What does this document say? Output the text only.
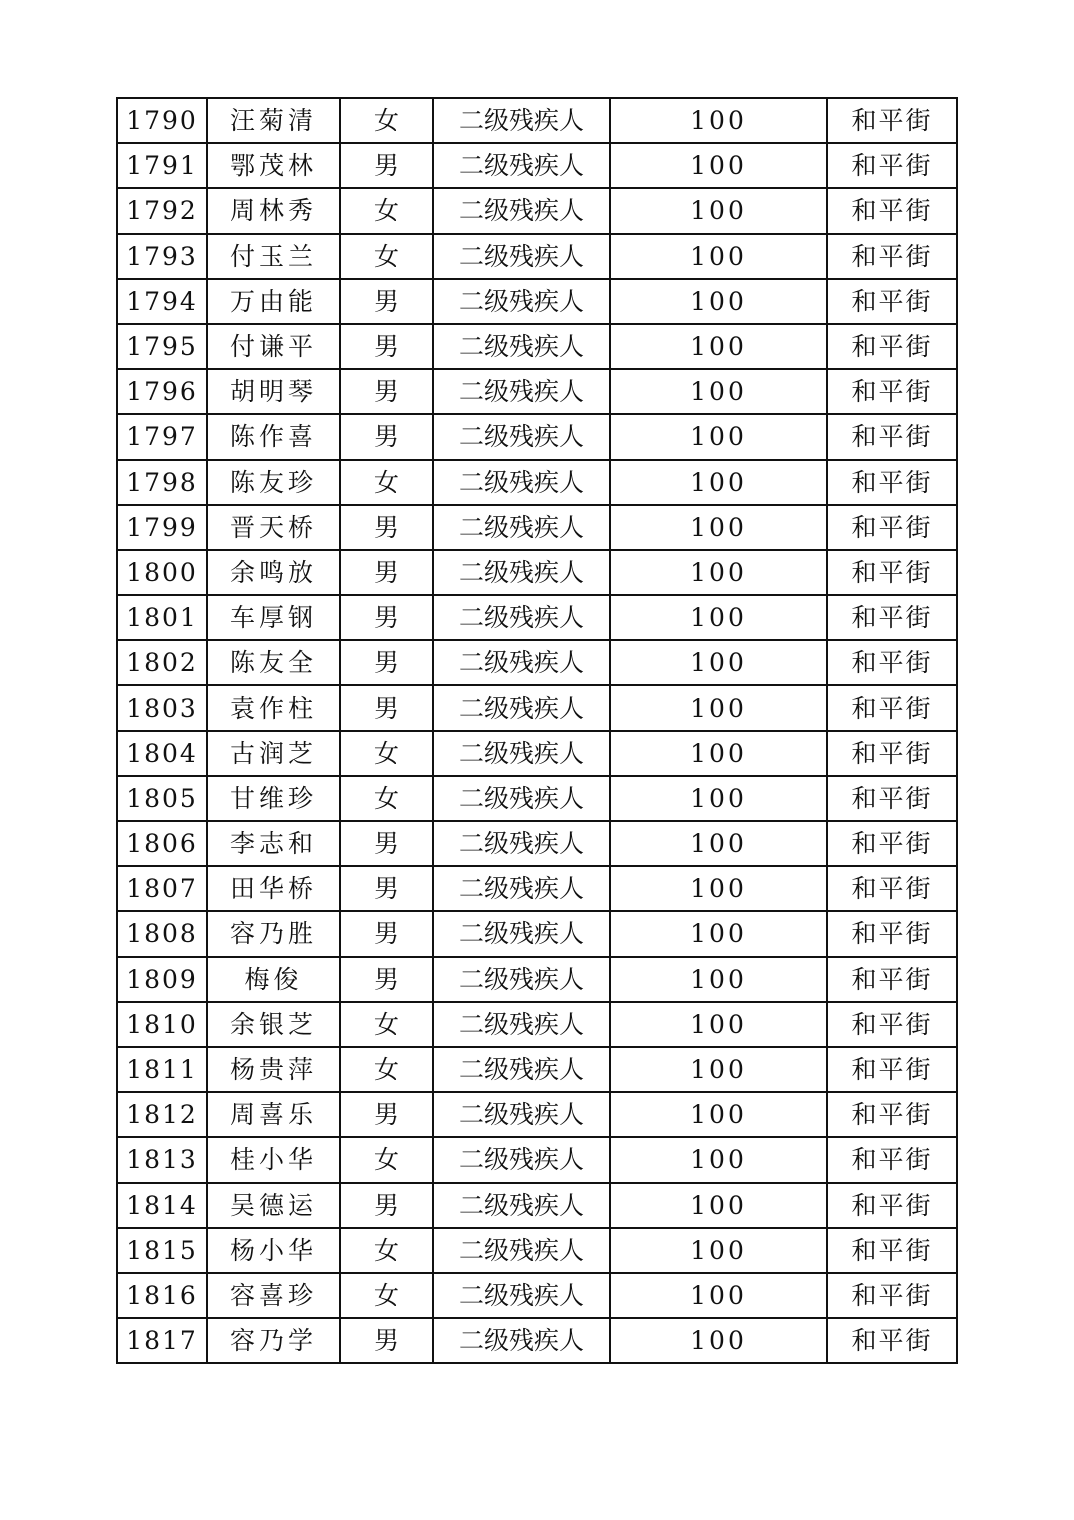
1790	汪菊清	女	二级残疾人	100	和平街
1791	鄂茂林	男	二级残疾人	100	和平街
1792	周林秀	女	二级残疾人	100	和平街
1793	付玉兰	女	二级残疾人	100	和平街
1794	万由能	男	二级残疾人	100	和平街
1795	付谦平	男	二级残疾人	100	和平街
1796	胡明琴	男	二级残疾人	100	和平街
1797	陈作喜	男	二级残疾人	100	和平街
1798	陈友珍	女	二级残疾人	100	和平街
1799	晋天桥	男	二级残疾人	100	和平街
1800	余鸣放	男	二级残疾人	100	和平街
1801	车厚钢	男	二级残疾人	100	和平街
1802	陈友全	男	二级残疾人	100	和平街
1803	袁作柱	男	二级残疾人	100	和平街
1804	古润芝	女	二级残疾人	100	和平街
1805	甘维珍	女	二级残疾人	100	和平街
1806	李志和	男	二级残疾人	100	和平街
1807	田华桥	男	二级残疾人	100	和平街
1808	容乃胜	男	二级残疾人	100	和平街
1809	梅俊	男	二级残疾人	100	和平街
1810	余银芝	女	二级残疾人	100	和平街
1811	杨贵萍	女	二级残疾人	100	和平街
1812	周喜乐	男	二级残疾人	100	和平街
1813	桂小华	女	二级残疾人	100	和平街
1814	吴德运	男	二级残疾人	100	和平街
1815	杨小华	女	二级残疾人	100	和平街
1816	容喜珍	女	二级残疾人	100	和平街
1817	容乃学	男	二级残疾人	100	和平街
